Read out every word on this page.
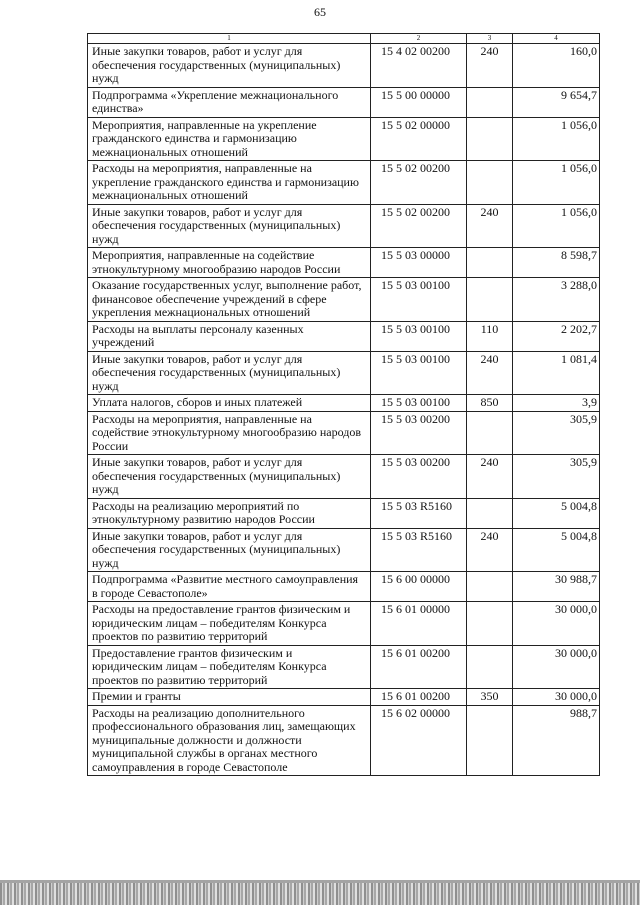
65
1	2	3	4
Иные закупки товаров, работ и услуг для обеспечения государственных (муниципальных) нужд	15 4 02 00200	240	160,0
Подпрограмма «Укрепление межнационального единства»	15 5 00 00000		9 654,7
Мероприятия, направленные на укрепление гражданского единства и гармонизацию межнациональных отношений	15 5 02 00000		1 056,0
Расходы на мероприятия, направленные на укрепление гражданского единства и гармонизацию межнациональных отношений	15 5 02 00200		1 056,0
Иные закупки товаров, работ и услуг для обеспечения государственных (муниципальных) нужд	15 5 02 00200	240	1 056,0
Мероприятия, направленные на содействие этнокультурному многообразию народов России	15 5 03 00000		8 598,7
Оказание государственных услуг, выполнение работ, финансовое обеспечение учреждений в сфере укрепления межнациональных отношений	15 5 03 00100		3 288,0
Расходы на выплаты персоналу казенных учреждений	15 5 03 00100	110	2 202,7
Иные закупки товаров, работ и услуг для обеспечения государственных (муниципальных) нужд	15 5 03 00100	240	1 081,4
Уплата налогов, сборов и иных платежей	15 5 03 00100	850	3,9
Расходы на мероприятия, направленные на содействие этнокультурному многообразию народов России	15 5 03 00200		305,9
Иные закупки товаров, работ и услуг для обеспечения государственных (муниципальных) нужд	15 5 03 00200	240	305,9
Расходы на реализацию мероприятий по этнокультурному развитию народов России	15 5 03 R5160		5 004,8
Иные закупки товаров, работ и услуг для обеспечения государственных (муниципальных) нужд	15 5 03 R5160	240	5 004,8
Подпрограмма «Развитие местного самоуправления в городе Севастополе»	15 6 00 00000		30 988,7
Расходы на предоставление грантов физическим и юридическим лицам – победителям Конкурса проектов по развитию территорий	15 6 01 00000		30 000,0
Предоставление грантов физическим и юридическим лицам – победителям Конкурса проектов по развитию территорий	15 6 01 00200		30 000,0
Премии и гранты	15 6 01 00200	350	30 000,0
Расходы на реализацию дополнительного профессионального образования лиц, замещающих муниципальные должности и должности муниципальной службы в органах местного самоуправления в городе Севастополе	15 6 02 00000		988,7
